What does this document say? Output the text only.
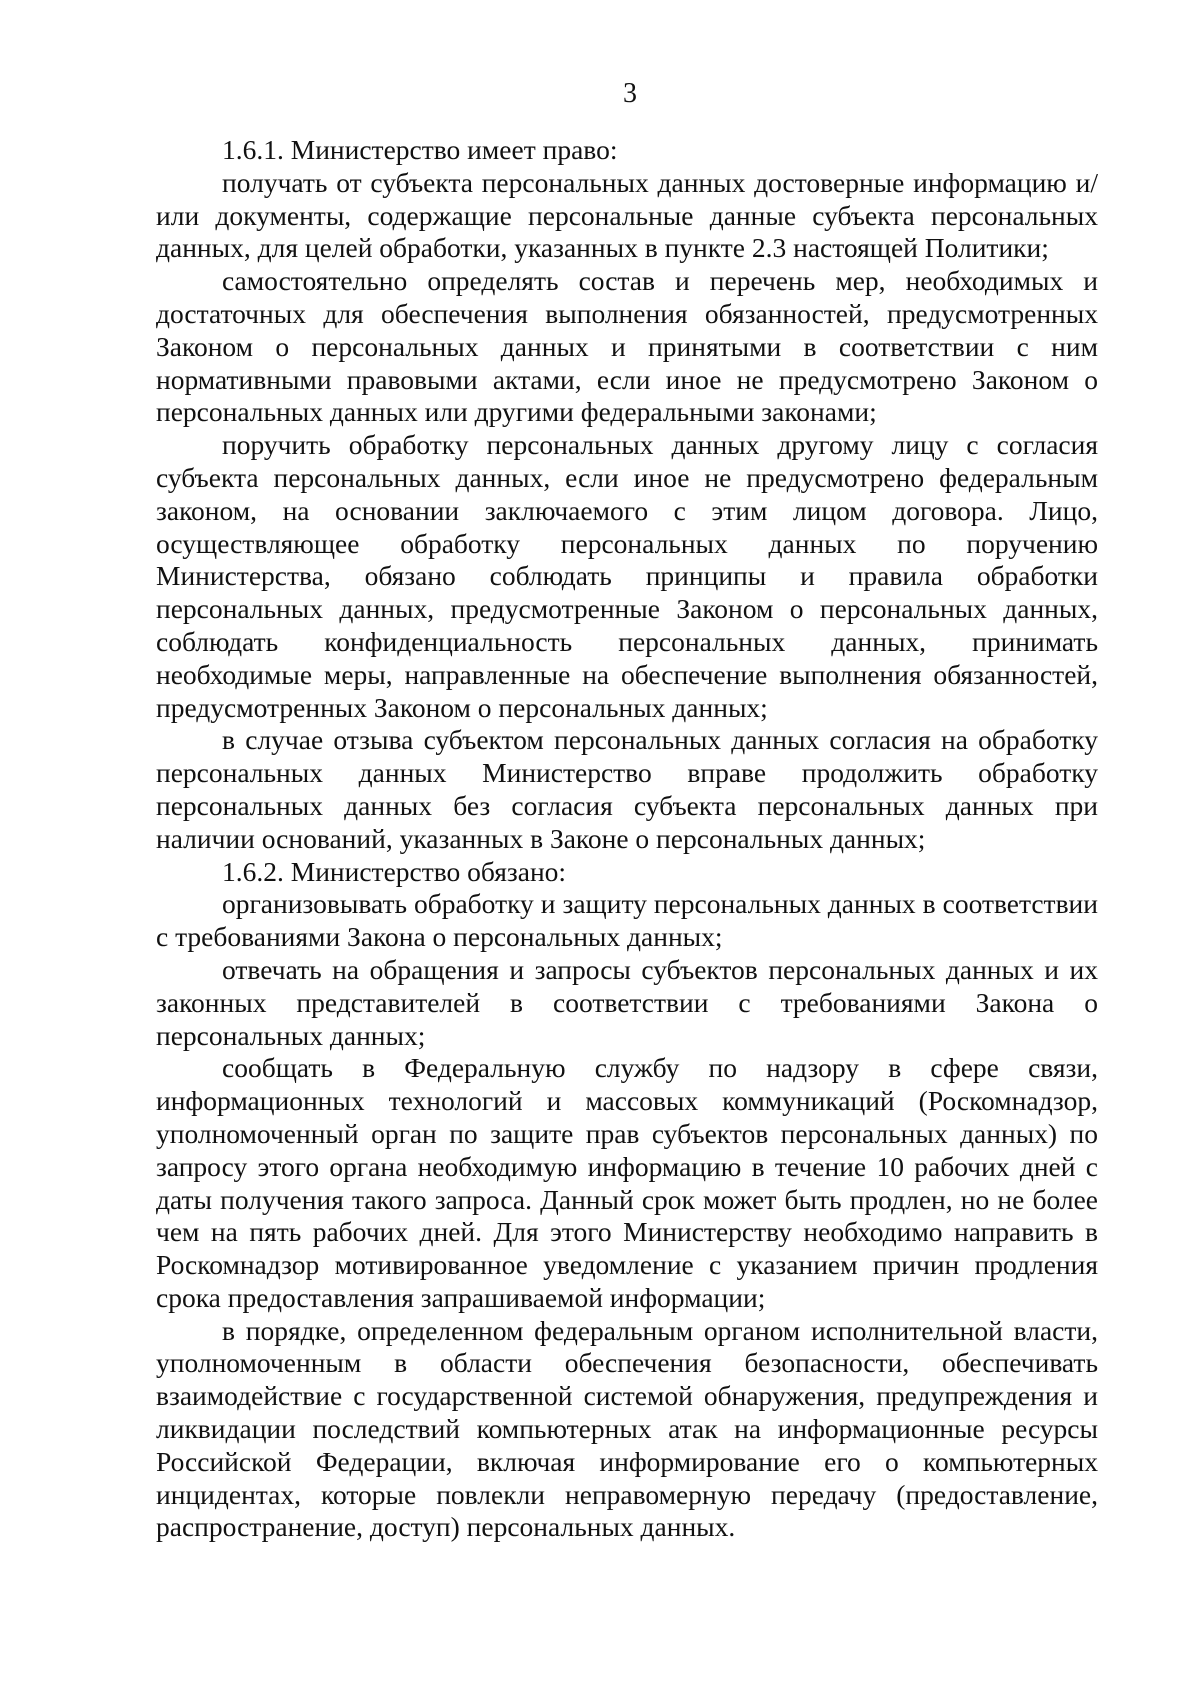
3

1.6.1. Министерство имеет право:

получать от субъекта персональных данных достоверные информацию и/или документы, содержащие персональные данные субъекта персональных данных, для целей обработки, указанных в пункте 2.3 настоящей Политики;

самостоятельно определять состав и перечень мер, необходимых и достаточных для обеспечения выполнения обязанностей, предусмотренных Законом о персональных данных и принятыми в соответствии с ним нормативными правовыми актами, если иное не предусмотрено Законом о персональных данных или другими федеральными законами;

поручить обработку персональных данных другому лицу с согласия субъекта персональных данных, если иное не предусмотрено федеральным законом, на основании заключаемого с этим лицом договора. Лицо, осуществляющее обработку персональных данных по поручению Министерства, обязано соблюдать принципы и правила обработки персональных данных, предусмотренные Законом о персональных данных, соблюдать конфиденциальность персональных данных, принимать необходимые меры, направленные на обеспечение выполнения обязанностей, предусмотренных Законом о персональных данных;

в случае отзыва субъектом персональных данных согласия на обработку персональных данных Министерство вправе продолжить обработку персональных данных без согласия субъекта персональных данных при наличии оснований, указанных в Законе о персональных данных;

1.6.2. Министерство обязано:

организовывать обработку и защиту персональных данных в соответствии с требованиями Закона о персональных данных;

отвечать на обращения и запросы субъектов персональных данных и их законных представителей в соответствии с требованиями Закона о персональных данных;

сообщать в Федеральную службу по надзору в сфере связи, информационных технологий и массовых коммуникаций (Роскомнадзор, уполномоченный орган по защите прав субъектов персональных данных) по запросу этого органа необходимую информацию в течение 10 рабочих дней с даты получения такого запроса. Данный срок может быть продлен, но не более чем на пять рабочих дней. Для этого Министерству необходимо направить в Роскомнадзор мотивированное уведомление с указанием причин продления срока предоставления запрашиваемой информации;

в порядке, определенном федеральным органом исполнительной власти, уполномоченным в области обеспечения безопасности, обеспечивать взаимодействие с государственной системой обнаружения, предупреждения и ликвидации последствий компьютерных атак на информационные ресурсы Российской Федерации, включая информирование его о компьютерных инцидентах, которые повлекли неправомерную передачу (предоставление, распространение, доступ) персональных данных.
